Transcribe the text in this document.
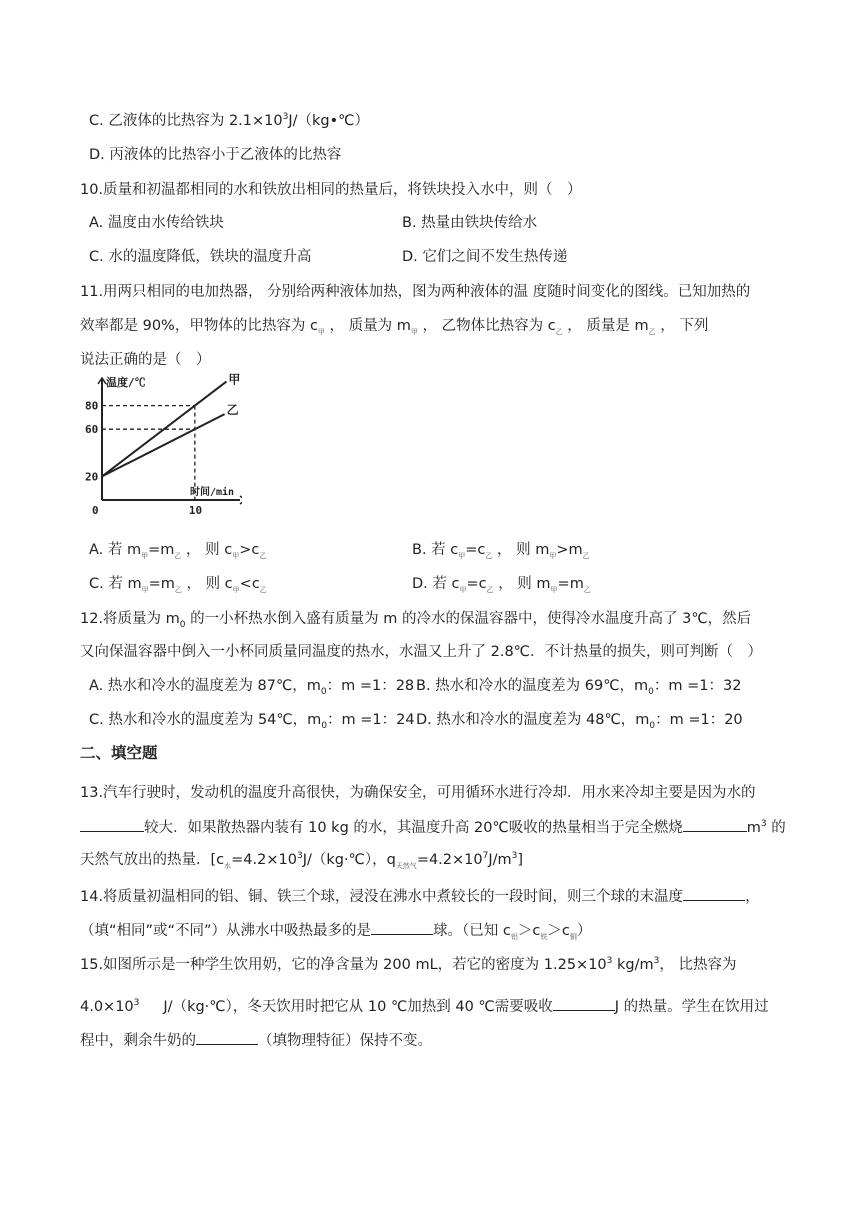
C. 乙液体的比热容为 $2.1\times 10^3J/(kg•℃)$
D. 丙液体的比热容小于乙液体的比热容
10.质量和初温都相同的水和铁放出相同的热量后，将铁块投入水中，则（　）
A. 温度由水传给铁块	B. 热量由铁块传给水
C. 水的温度降低，铁块的温度升高	D. 它们之间不发生热传递
11.用两只相同的电加热器， 分别给两种液体加热，图为两种液体的温 度随时间变化的图线。已知加热的
效率都是 90%，甲物体的比热容为 $c_甲$ ， 质量为 $m_甲$ ， 乙物体比热容为 $c_乙$ ， 质量是 $m_乙$ ， 下列
说法正确的是（　）
温度/℃
时间/min
20
60
80
0	10
甲
乙
A. 若 $m_甲=m_乙$ ， 则 $c_甲>c_乙$	B. 若 $c_甲=c_乙$ ， 则 $m_甲>m_乙$
C. 若 $m_甲=m_乙$ ， 则 $c_甲<c_乙$	D. 若 $c_甲=c_乙$ ， 则 $m_甲=m_乙$
12.将质量为 $m_0$ 的一小杯热水倒入盛有质量为 m 的冷水的保温容器中，使得冷水温度升高了 3℃，然后
又向保温容器中倒入一小杯同质量同温度的热水，水温又上升了 2.8℃．不计热量的损失，则可判断（　）
A. 热水和冷水的温度差为 87℃，$m_0$：m =1：28 B. 热水和冷水的温度差为 69℃，$m_0$：m =1：32
C. 热水和冷水的温度差为 54℃，$m_0$：m =1：24 D. 热水和冷水的温度差为 48℃，$m_0$：m =1：20
二、填空题
13.汽车行驶时，发动机的温度升高很快，为确保安全，可用循环水进行冷却．用水来冷却主要是因为水的
较大．如果散热器内装有 10 kg 的水，其温度升高 20℃吸收的热量相当于完全燃烧	$m^3$ 的
天然气放出的热量．[$c_水=4.2\times 10^3J/(kg\cdot℃)$，$q_{天然气}=4.2\times 10^7J/m^3$]
14.将质量初温相同的铝、铜、铁三个球，浸没在沸水中煮较长的一段时间，则三个球的末温度	，
（填“相同”或“不同”）从沸水中吸热最多的是	球。（已知 $c_铝>c_铁>c_铜$）
15.如图所示是一种学生饮用奶，它的净含量为 200 mL，若它的密度为 $1.25\times 10^3$ $kg/m^3$， 比热容为
$4.0\times 10^3$ J/（kg·℃），冬天饮用时把它从 10 ℃加热到 40 ℃需要吸收	J 的热量。学生在饮用过
程中，剩余牛奶的	（填物理特征）保持不变。
